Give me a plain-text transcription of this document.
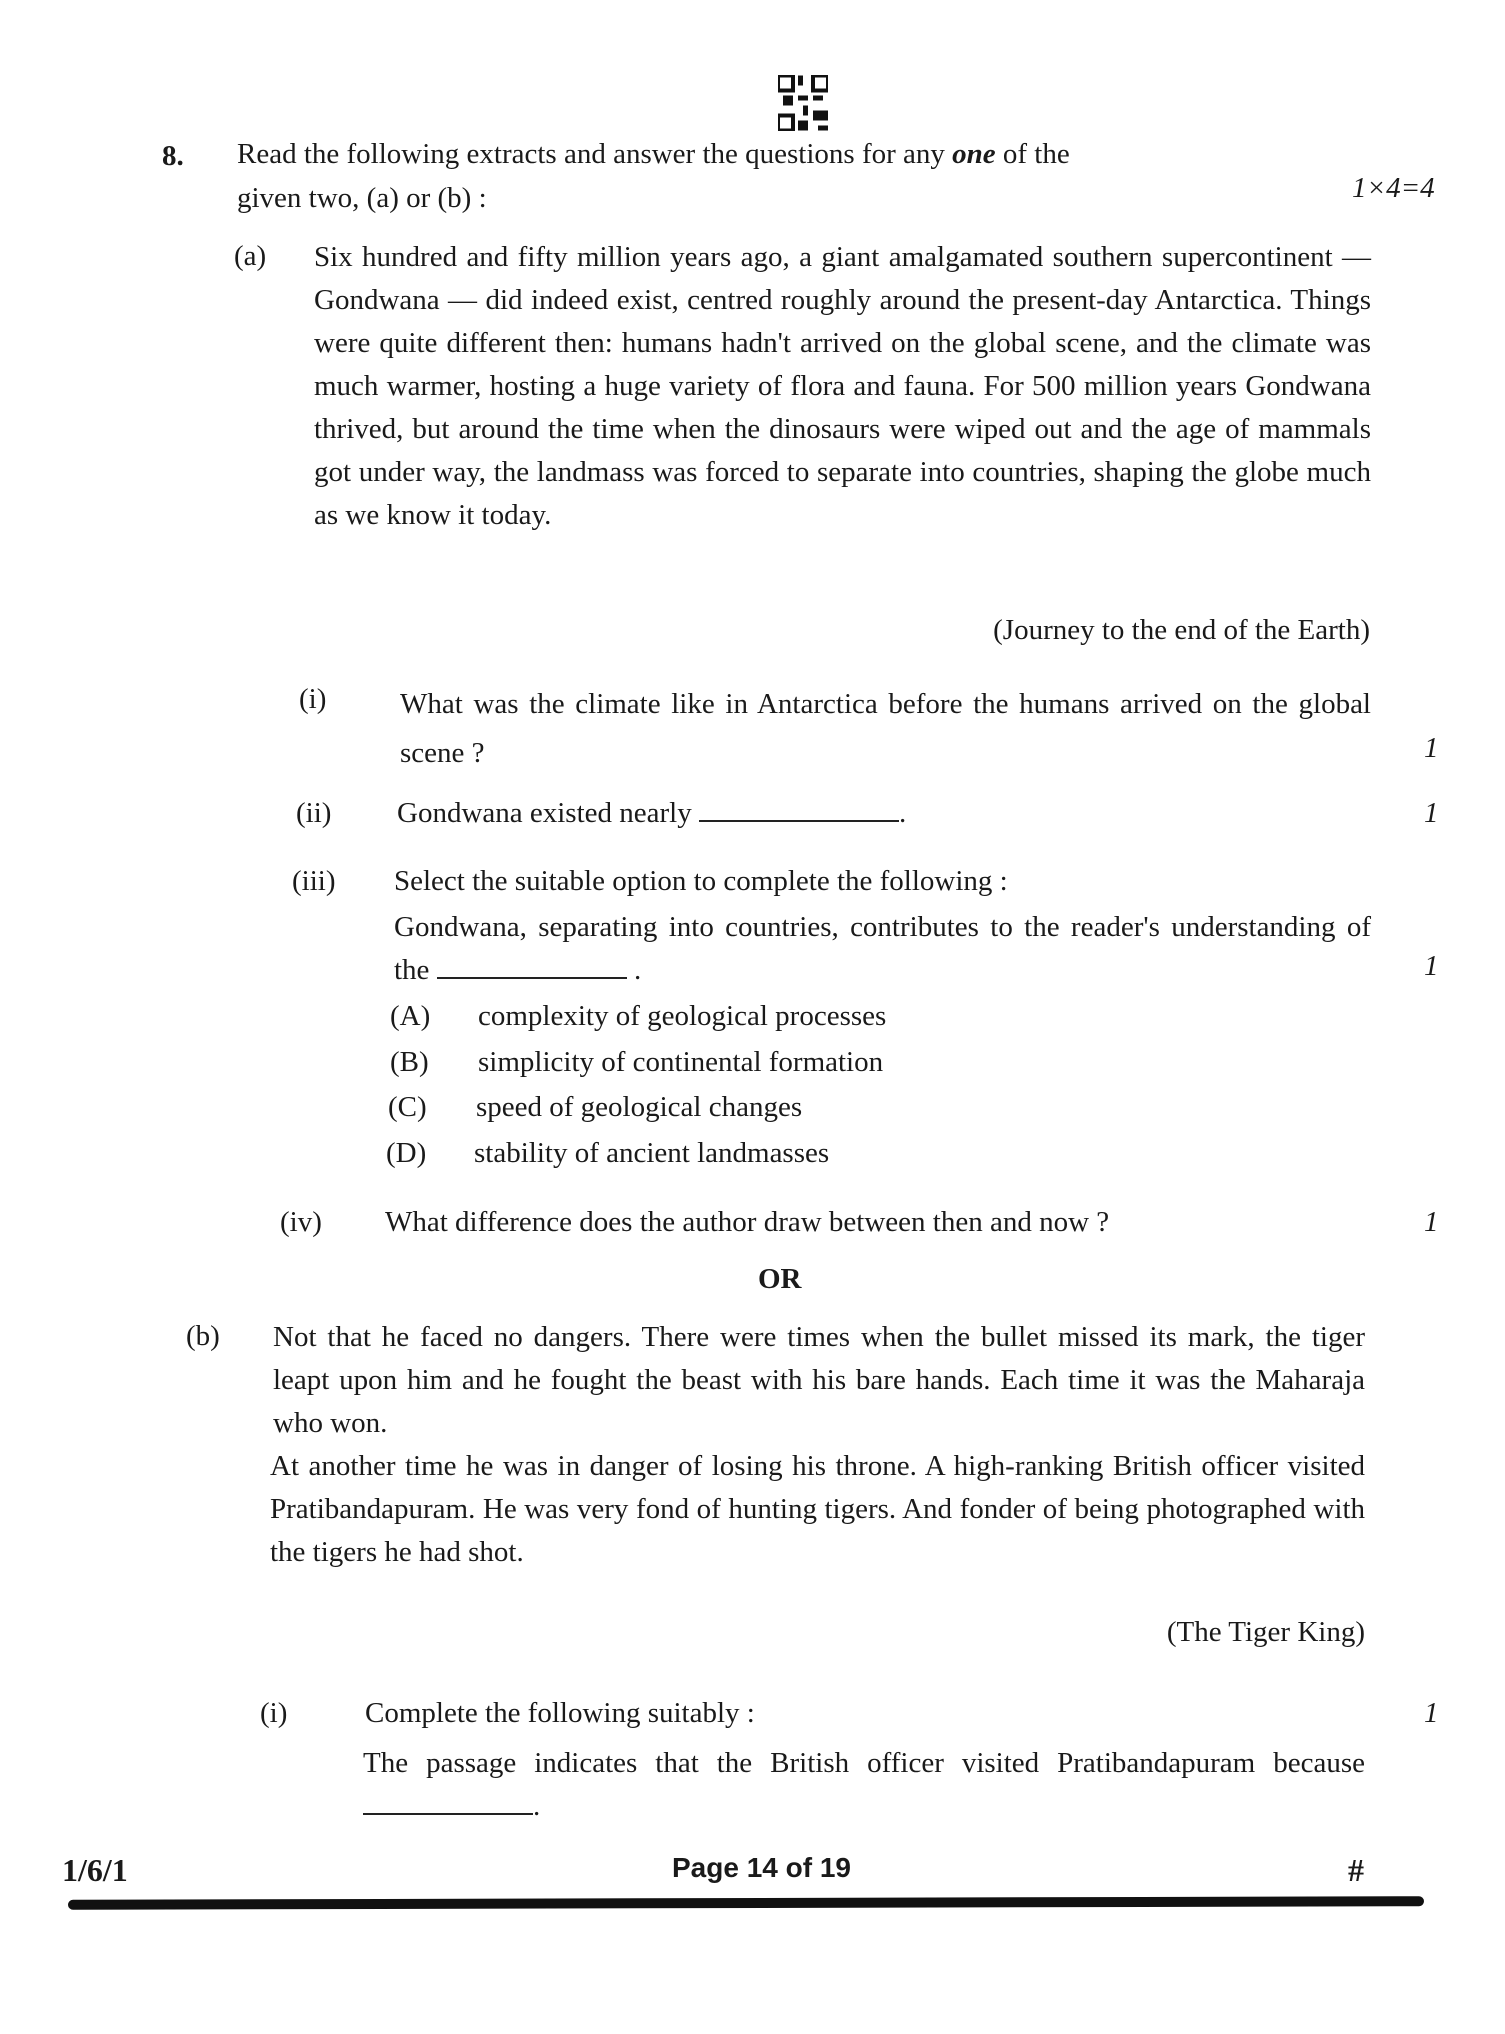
8. Read the following extracts and answer the questions for any one of the
given two, (a) or (b) :	1×4=4
(a) Six hundred and fifty million years ago, a giant amalgamated southern supercontinent — Gondwana — did indeed exist, centred roughly around the present-day Antarctica. Things were quite different then: humans hadn't arrived on the global scene, and the climate was much warmer, hosting a huge variety of flora and fauna. For 500 million years Gondwana thrived, but around the time when the dinosaurs were wiped out and the age of mammals got under way, the landmass was forced to separate into countries, shaping the globe much as we know it today.
(Journey to the end of the Earth)
(i)	What was the climate like in Antarctica before the humans arrived on the global scene ?	1
(ii) Gondwana existed nearly	.	1
(iii) Select the suitable option to complete the following :
Gondwana, separating into countries, contributes to the reader's understanding of the	.	1
(A) complexity of geological processes
(B) simplicity of continental formation
(C) speed of geological changes
(D) stability of ancient landmasses
(iv) What difference does the author draw between then and now ?	1
OR
(b) Not that he faced no dangers. There were times when the bullet missed its mark, the tiger leapt upon him and he fought the beast with his bare hands. Each time it was the Maharaja who won.
At another time he was in danger of losing his throne. A high-ranking British officer visited Pratibandapuram. He was very fond of hunting tigers. And fonder of being photographed with the tigers he had shot.
(The Tiger King)
(i)	Complete the following suitably :	1
The passage indicates that the British officer visited Pratibandapuram because .
1/6/1	Page 14 of 19	#
